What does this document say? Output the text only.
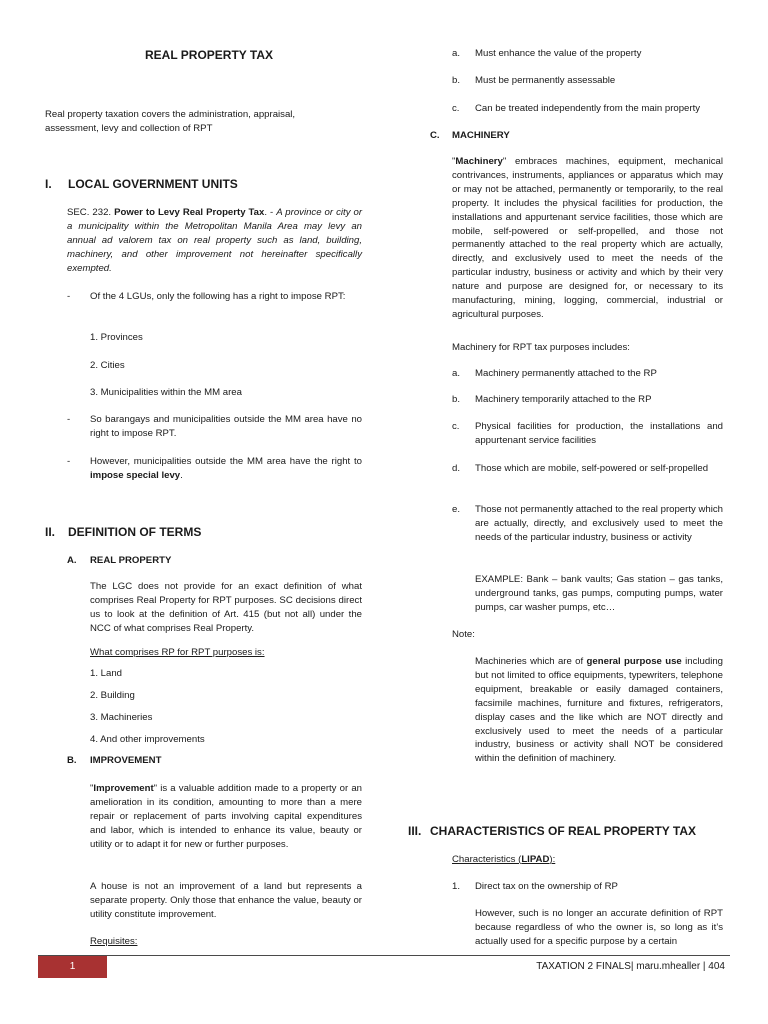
REAL PROPERTY TAX
Real property taxation covers the administration, appraisal, assessment, levy and collection of RPT
I. LOCAL GOVERNMENT UNITS
SEC. 232. Power to Levy Real Property Tax. - A province or city or a municipality within the Metropolitan Manila Area may levy an annual ad valorem tax on real property such as land, building, machinery, and other improvement not hereinafter specifically exempted.
- Of the 4 LGUs, only the following has a right to impose RPT:
1. Provinces
2. Cities
3. Municipalities within the MM area
- So barangays and municipalities outside the MM area have no right to impose RPT.
- However, municipalities outside the MM area have the right to impose special levy.
II. DEFINITION OF TERMS
A. REAL PROPERTY
The LGC does not provide for an exact definition of what comprises Real Property for RPT purposes. SC decisions direct us to look at the definition of Art. 415 (but not all) under the NCC of what comprises Real Property.
What comprises RP for RPT purposes is:
1. Land
2. Building
3. Machineries
4. And other improvements
B. IMPROVEMENT
"Improvement" is a valuable addition made to a property or an amelioration in its condition, amounting to more than a mere repair or replacement of parts involving capital expenditures and labor, which is intended to enhance its value, beauty or utility or to adapt it for new or further purposes.
A house is not an improvement of a land but represents a separate property. Only those that enhance the value, beauty or utility constitute improvement.
Requisites:
a. Must enhance the value of the property
b. Must be permanently assessable
c. Can be treated independently from the main property
C. MACHINERY
"Machinery" embraces machines, equipment, mechanical contrivances, instruments, appliances or apparatus which may or may not be attached, permanently or temporarily, to the real property. It includes the physical facilities for production, the installations and appurtenant service facilities, those which are mobile, self-powered or self-propelled, and those not permanently attached to the real property which are actually, directly, and exclusively used to meet the needs of the particular industry, business or activity and which by their very nature and purpose are designed for, or necessary to its manufacturing, mining, logging, commercial, industrial or agricultural purposes.
Machinery for RPT tax purposes includes:
a. Machinery permanently attached to the RP
b. Machinery temporarily attached to the RP
c. Physical facilities for production, the installations and appurtenant service facilities
d. Those which are mobile, self-powered or self-propelled
e. Those not permanently attached to the real property which are actually, directly, and exclusively used to meet the needs of the particular industry, business or activity
EXAMPLE: Bank – bank vaults; Gas station – gas tanks, underground tanks, gas pumps, computing pumps, water pumps, car washer pumps, etc…
Note:
Machineries which are of general purpose use including but not limited to office equipments, typewriters, telephone equipment, breakable or easily damaged containers, facsimile machines, furniture and fixtures, refrigerators, display cases and the like which are NOT directly and exclusively used to meet the needs of a particular industry, business or activity shall NOT be considered within the definition of machinery.
III. CHARACTERISTICS OF REAL PROPERTY TAX
Characteristics (LIPAD):
1. Direct tax on the ownership of RP
However, such is no longer an accurate definition of RPT because regardless of who the owner is, so long as it’s actually used for a specific purpose by a certain
1	TAXATION 2 FINALS| maru.mhealler | 404
